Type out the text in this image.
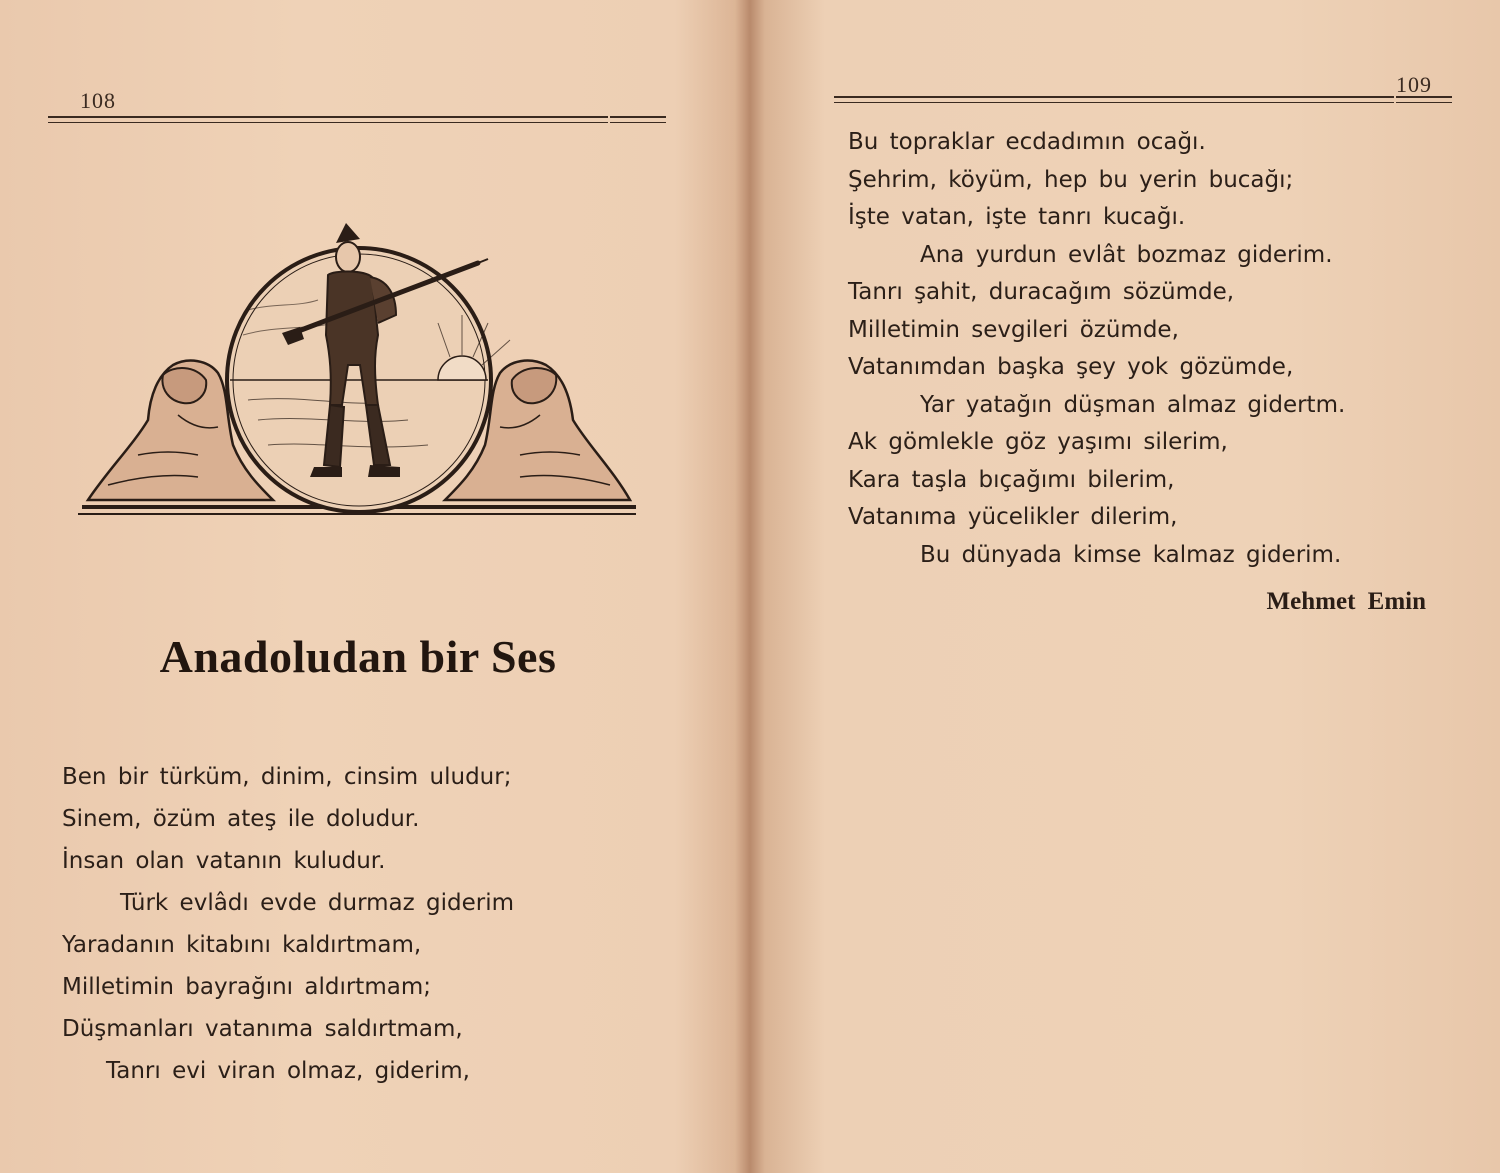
108
Anadoludan bir Ses
Ben bir türküm, dinim, cinsim uludur;
Sinem, özüm ateş ile doludur.
İnsan olan vatanın kuludur.
Türk evlâdı evde durmaz giderim
Yaradanın kitabını kaldırtmam,
Milletimin bayrağını aldırtmam;
Düşmanları vatanıma saldırtmam,
Tanrı evi viran olmaz, giderim,
109
Bu topraklar ecdadımın ocağı.
Şehrim, köyüm, hep bu yerin bucağı;
İşte vatan, işte tanrı kucağı.
Ana yurdun evlât bozmaz giderim.
Tanrı şahit, duracağım sözümde,
Milletimin sevgileri özümde,
Vatanımdan başka şey yok gözümde,
Yar yatağın düşman almaz gidertm.
Ak gömlekle göz yaşımı silerim,
Kara taşla bıçağımı bilerim,
Vatanıma yücelikler dilerim,
Bu dünyada kimse kalmaz giderim.
Mehmet Emin
